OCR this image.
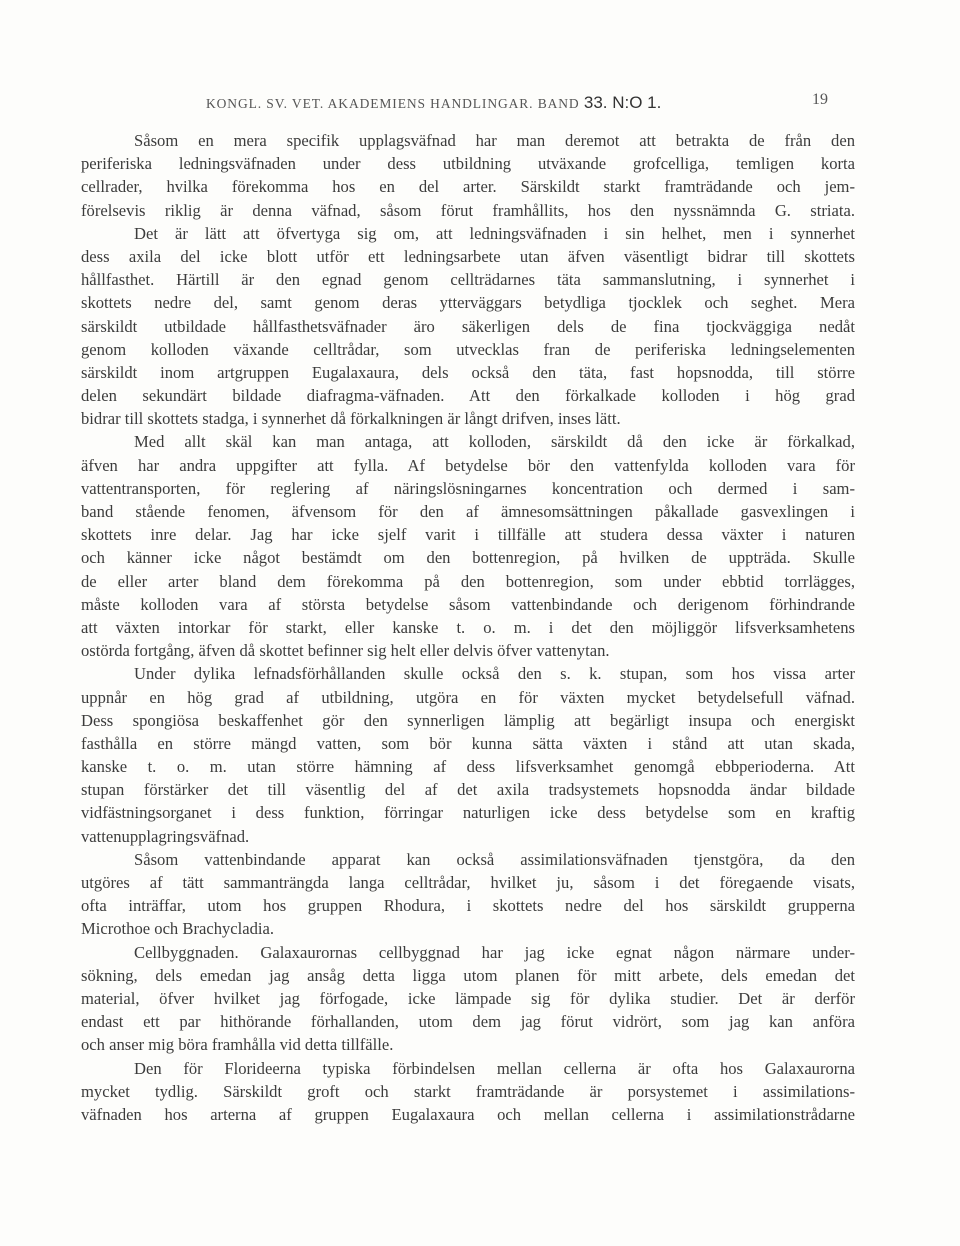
KONGL. SV. VET. AKADEMIENS HANDLINGAR. BAND 33. N:O 1.	19
Såsom en mera specifik upplagsväfnad har man deremot att betrakta de från den
periferiska ledningsväfnaden under dess utbildning utväxande grofcelliga, temligen korta
cellrader, hvilka förekomma hos en del arter. Särskildt starkt framträdande och jem-
förelsevis riklig är denna väfnad, såsom förut framhållits, hos den nyssnämnda G. striata.
Det är lätt att öfvertyga sig om, att ledningsväfnaden i sin helhet, men i synnerhet
dess axila del icke blott utför ett ledningsarbete utan äfven väsentligt bidrar till skottets
hållfasthet. Härtill är den egnad genom cellträdarnes täta sammanslutning, i synnerhet i
skottets nedre del, samt genom deras ytterväggars betydliga tjocklek och seghet. Mera
särskildt utbildade hållfasthetsväfnader äro säkerligen dels de fina tjockväggiga nedåt
genom kolloden växande celltrådar, som utvecklas fran de periferiska ledningselementen
särskildt inom artgruppen Eugalaxaura, dels också den täta, fast hopsnodda, till större
delen sekundärt bildade diafragma-väfnaden. Att den förkalkade kolloden i hög grad
bidrar till skottets stadga, i synnerhet då förkalkningen är långt drifven, inses lätt.
Med allt skäl kan man antaga, att kolloden, särskildt då den icke är förkalkad,
äfven har andra uppgifter att fylla. Af betydelse bör den vattenfylda kolloden vara för
vattentransporten, för reglering af näringslösningarnes koncentration och dermed i sam-
band stående fenomen, äfvensom för den af ämnesomsättningen påkallade gasvexlingen i
skottets inre delar. Jag har icke sjelf varit i tillfälle att studera dessa växter i naturen
och känner icke något bestämdt om den bottenregion, på hvilken de uppträda. Skulle
de eller arter bland dem förekomma på den bottenregion, som under ebbtid torrlägges,
måste kolloden vara af största betydelse såsom vattenbindande och derigenom förhindrande
att växten intorkar för starkt, eller kanske t. o. m. i det den möjliggör lifsverksamhetens
ostörda fortgång, äfven då skottet befinner sig helt eller delvis öfver vattenytan.
Under dylika lefnadsförhållanden skulle också den s. k. stupan, som hos vissa arter
uppnår en hög grad af utbildning, utgöra en för växten mycket betydelsefull väfnad.
Dess spongiösa beskaffenhet gör den synnerligen lämplig att begärligt insupa och energiskt
fasthålla en större mängd vatten, som bör kunna sätta växten i stånd att utan skada,
kanske t. o. m. utan större hämning af dess lifsverksamhet genomgå ebbperioderna. Att
stupan förstärker det till väsentlig del af det axila tradsystemets hopsnodda ändar bildade
vidfästningsorganet i dess funktion, förringar naturligen icke dess betydelse som en kraftig
vattenupplagringsväfnad.
Såsom vattenbindande apparat kan också assimilationsväfnaden tjenstgöra, da den
utgöres af tätt sammanträngda langa celltrådar, hvilket ju, såsom i det föregaende visats,
ofta inträffar, utom hos gruppen Rhodura, i skottets nedre del hos särskildt grupperna
Microthoe och Brachycladia.
Cellbyggnaden. Galaxaurornas cellbyggnad har jag icke egnat någon närmare under-
sökning, dels emedan jag ansåg detta ligga utom planen för mitt arbete, dels emedan det
material, öfver hvilket jag förfogade, icke lämpade sig för dylika studier. Det är derför
endast ett par hithörande förhallanden, utom dem jag förut vidrört, som jag kan anföra
och anser mig böra framhålla vid detta tillfälle.
Den för Florideerna typiska förbindelsen mellan cellerna är ofta hos Galaxaurorna
mycket tydlig. Särskildt groft och starkt framträdande är porsystemet i assimilations-
väfnaden hos arterna af gruppen Eugalaxaura och mellan cellerna i assimilationstrådarne
